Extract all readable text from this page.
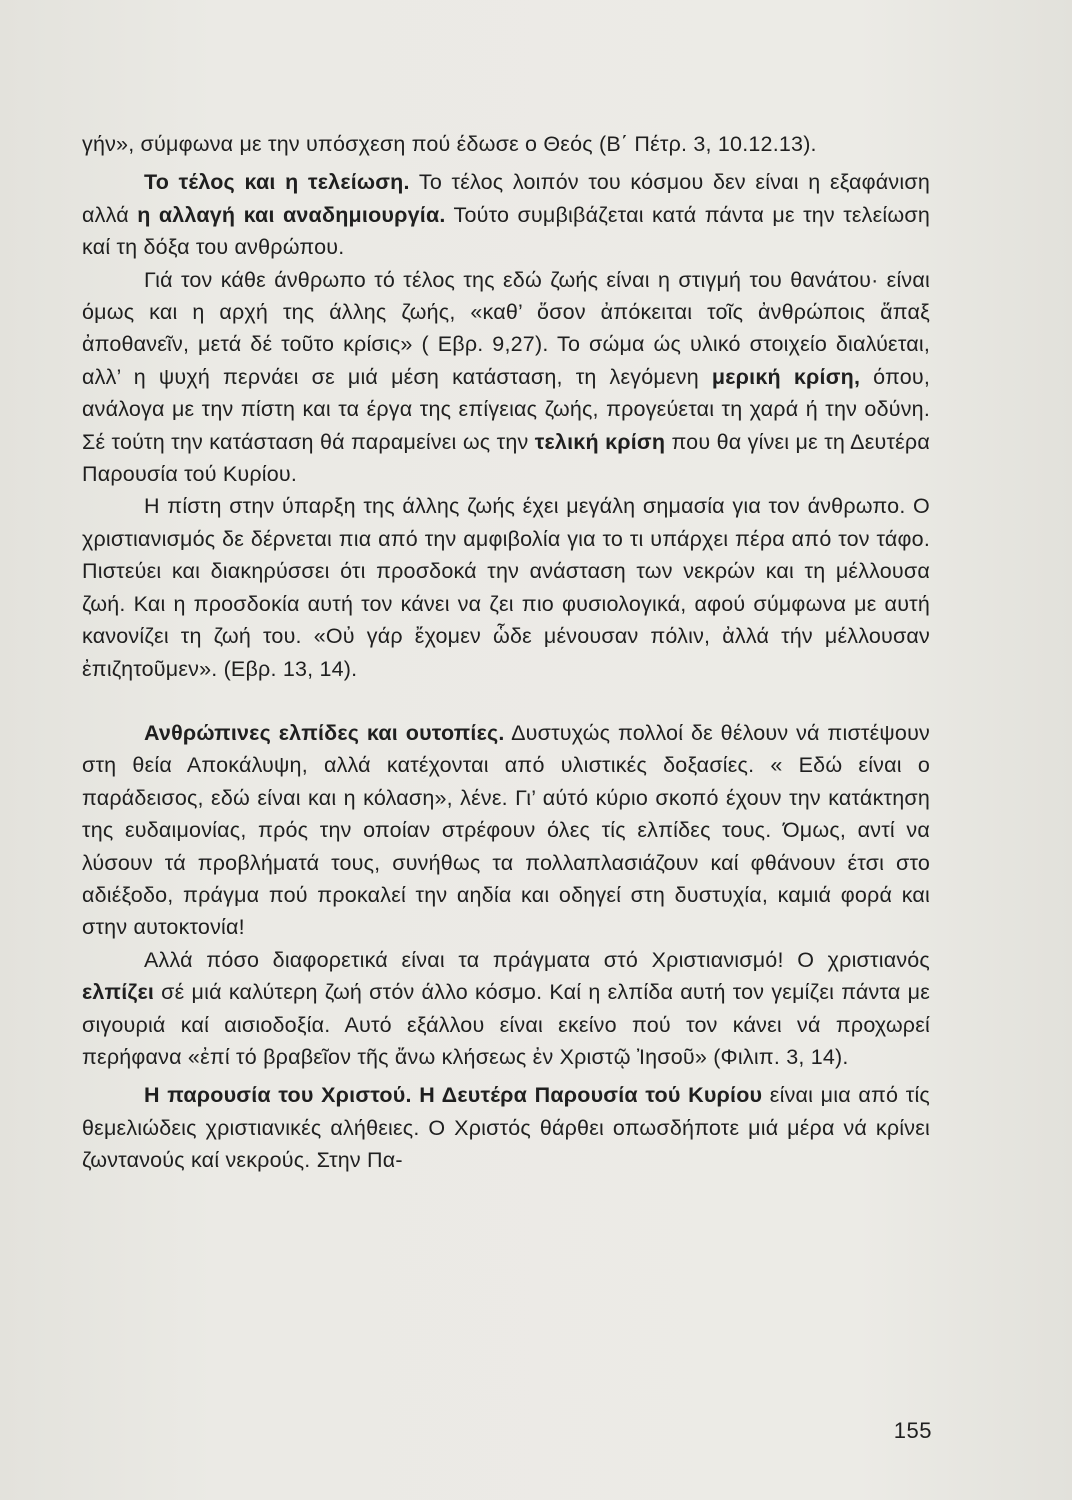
γήν», σύμφωνα με την υπόσχεση πού έδωσε ο Θεός (Β΄ Πέτρ. 3, 10.12.13).

Το τέλος και η τελείωση. Το τέλος λοιπόν του κόσμου δεν είναι η εξαφάνιση αλλά η αλλαγή και αναδημιουργία. Τούτο συμβιβάζεται κατά πάντα με την τελείωση καί τη δόξα του ανθρώπου.

Γιά τον κάθε άνθρωπο τό τέλος της εδώ ζωής είναι η στιγμή του θανάτου· είναι όμως και η αρχή της άλλης ζωής, «καθ’ ὅσον ἀπόκειται τοῖς ἀνθρώποις ἅπαξ ἀποθανεῖν, μετά δέ τοῦτο κρίσις» ( Εβρ. 9,27). Το σώμα ώς υλικό στοιχείο διαλύεται, αλλ’ η ψυχή περνάει σε μιά μέση κατάσταση, τη λεγόμενη μερική κρίση, όπου, ανάλογα με την πίστη και τα έργα της επίγειας ζωής, προγεύεται τη χαρά ή την οδύνη. Σέ τούτη την κατάσταση θά παραμείνει ως την τελική κρίση που θα γίνει με τη Δευτέρα Παρουσία τού Κυρίου.

Η πίστη στην ύπαρξη της άλλης ζωής έχει μεγάλη σημασία για τον άνθρωπο. Ο χριστιανισμός δε δέρνεται πια από την αμφιβολία για το τι υπάρχει πέρα από τον τάφο. Πιστεύει και διακηρύσσει ότι προσδοκά την ανάσταση των νεκρών και τη μέλλουσα ζωή. Και η προσδοκία αυτή τον κάνει να ζει πιο φυσιολογικά, αφού σύμφωνα με αυτή κανονίζει τη ζωή του. «Οὐ γάρ ἔχομεν ὧδε μένουσαν πόλιν, ἀλλά τήν μέλλουσαν ἐπιζητοῦμεν». (Εβρ. 13, 14).

Ανθρώπινες ελπίδες και ουτοπίες. Δυστυχώς πολλοί δε θέλουν νά πιστέψουν στη θεία Αποκάλυψη, αλλά κατέχονται από υλιστικές δοξασίες. « Εδώ είναι ο παράδεισος, εδώ είναι και η κόλαση», λένε. Γι’ αύτό κύριο σκοπό έχουν την κατάκτηση της ευδαιμονίας, πρός την οποίαν στρέφουν όλες τίς ελπίδες τους. Όμως, αντί να λύσουν τά προβλήματά τους, συνήθως τα πολλαπλασιάζουν καί φθάνουν έτσι στο αδιέξοδο, πράγμα πού προκαλεί την αηδία και οδηγεί στη δυστυχία, καμιά φορά και στην αυτοκτονία!

Αλλά πόσο διαφορετικά είναι τα πράγματα στό Χριστιανισμό! Ο χριστιανός ελπίζει σέ μιά καλύτερη ζωή στόν άλλο κόσμο. Καί η ελπίδα αυτή τον γεμίζει πάντα με σιγουριά καί αισιοδοξία. Αυτό εξάλλου είναι εκείνο πού τον κάνει νά προχωρεί περήφανα «ἐπί τό βραβεῖον τῆς ἄνω κλήσεως ἐν Χριστῷ Ἰησοῦ» (Φιλιπ. 3, 14).

Η παρουσία του Χριστού. Η Δευτέρα Παρουσία τού Κυρίου είναι μια από τίς θεμελιώδεις χριστιανικές αλήθειες. Ο Χριστός θάρθει οπωσδήποτε μιά μέρα νά κρίνει ζωντανούς καί νεκρούς. Στην Πα-

155
